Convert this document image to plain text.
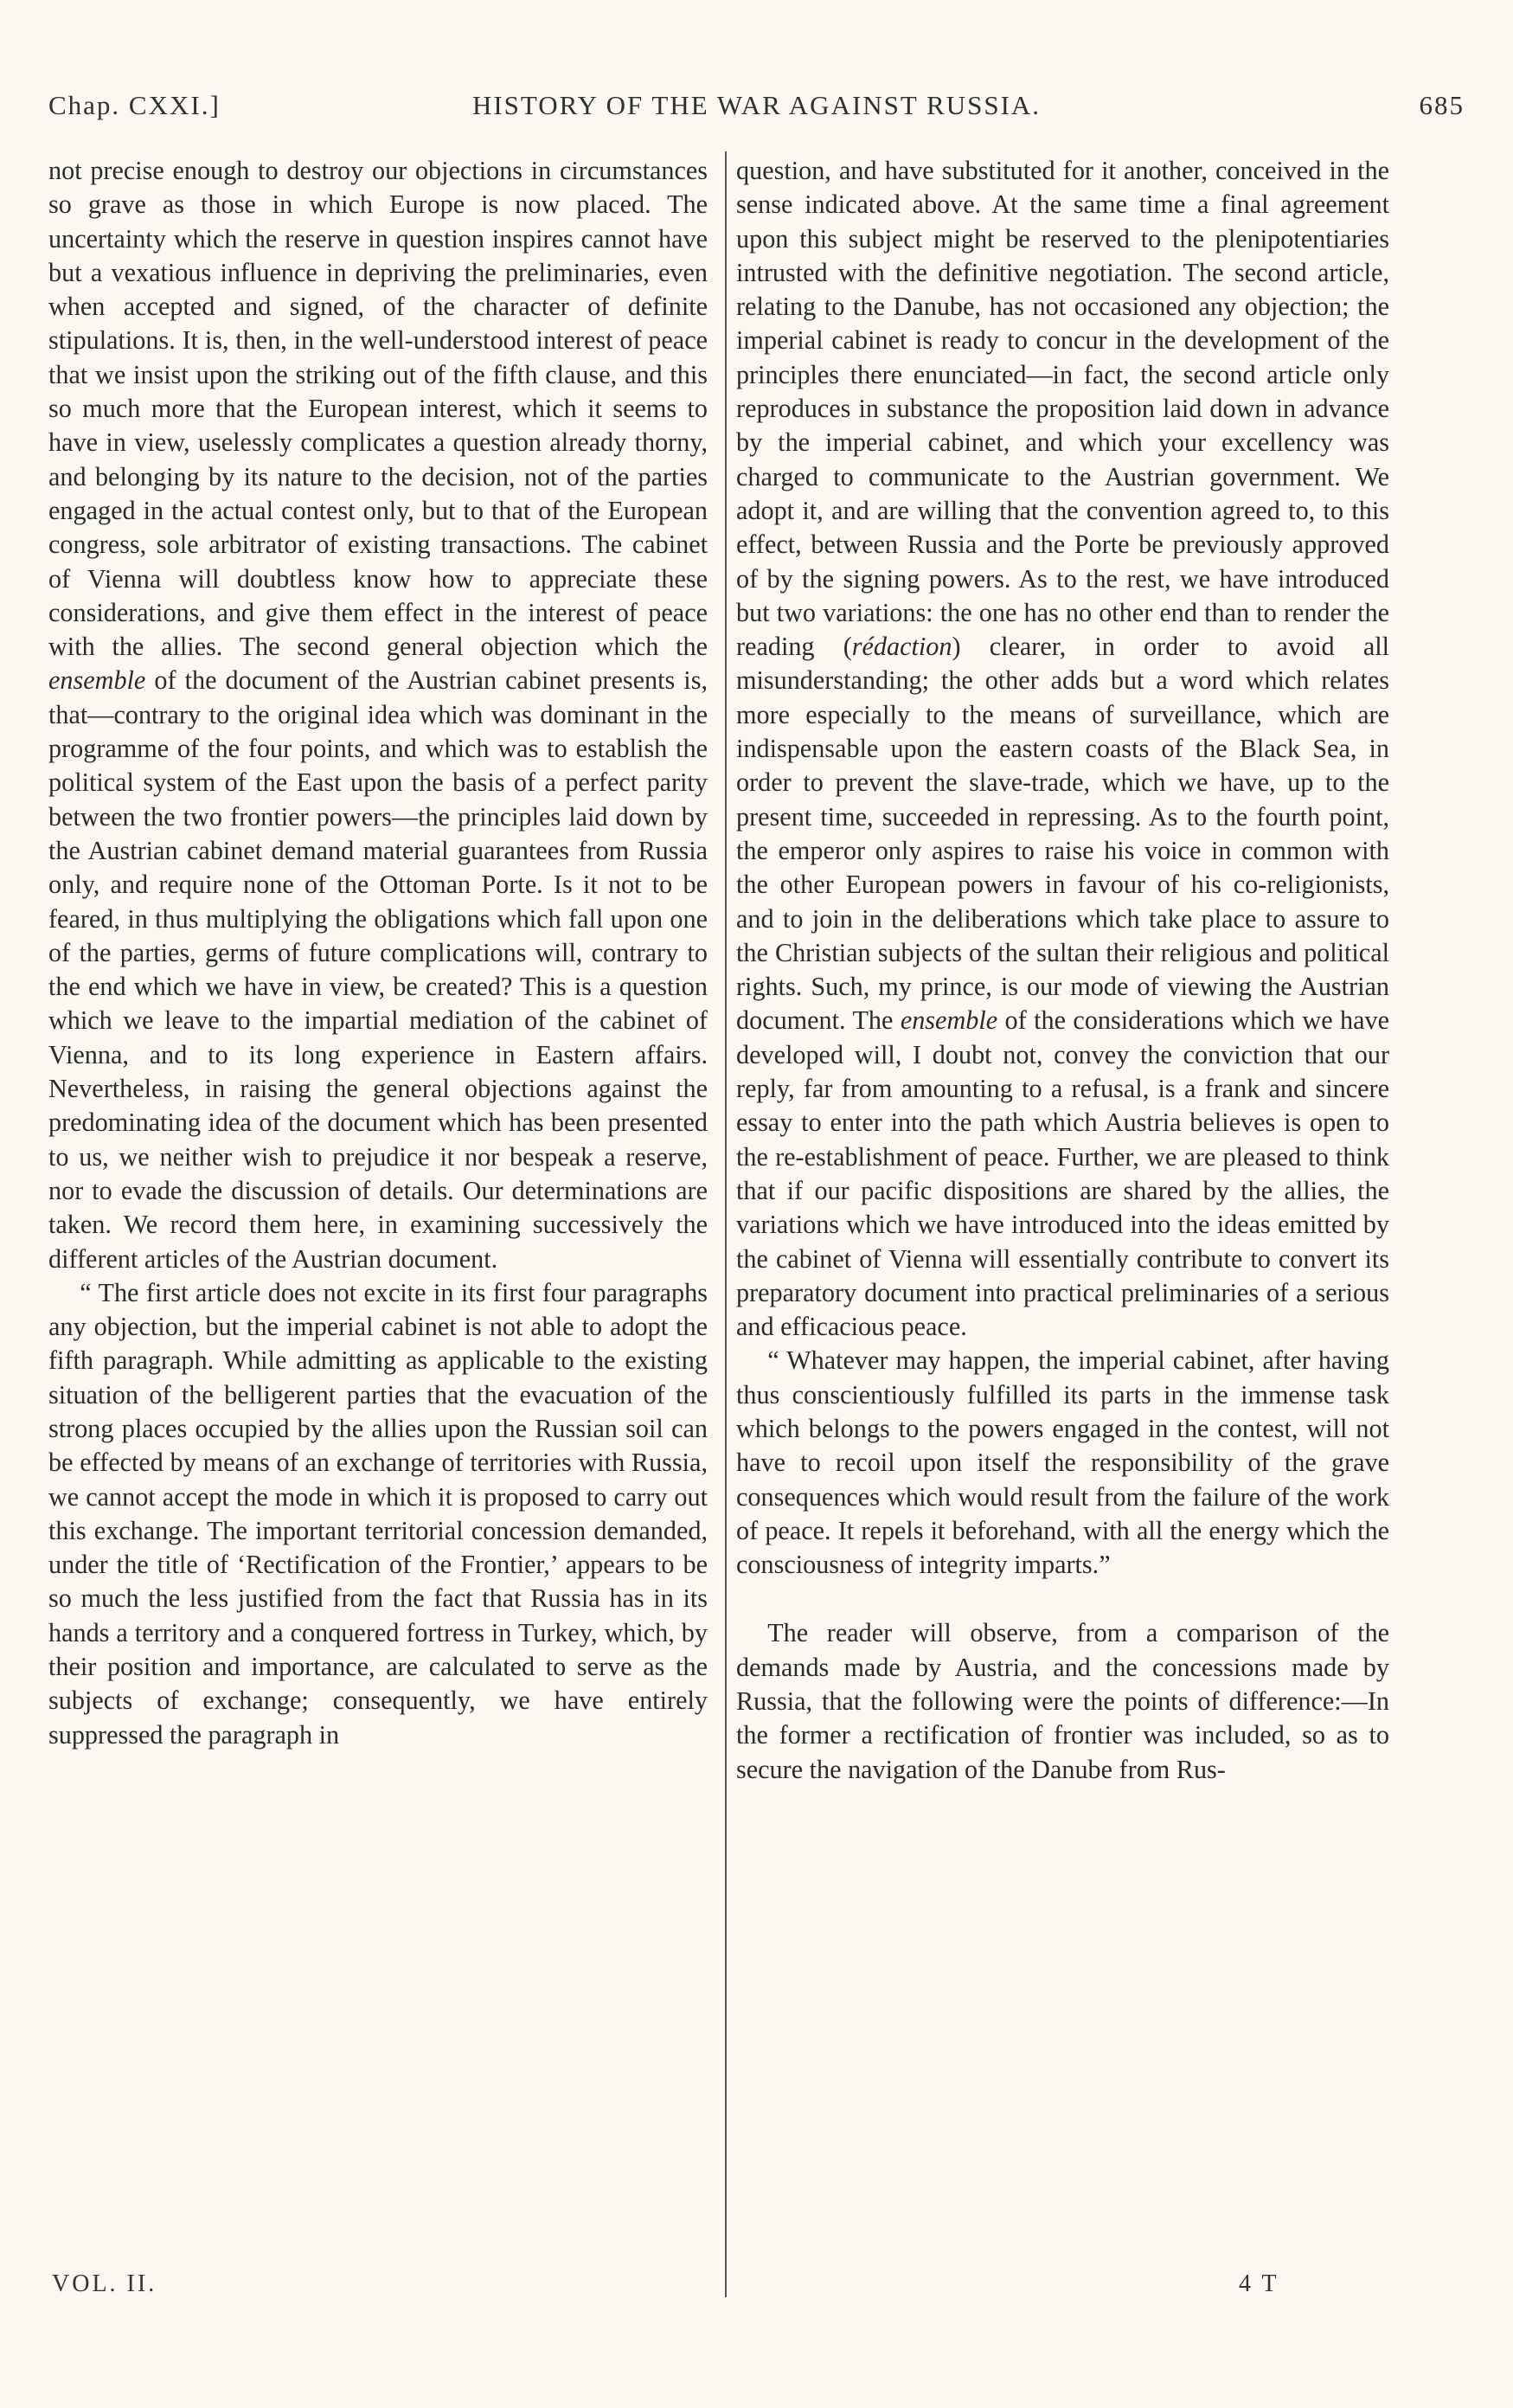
Chap. CXXI.]	HISTORY OF THE WAR AGAINST RUSSIA.	685

not precise enough to destroy our objections in circumstances so grave as those in which Europe is now placed. The uncertainty which the reserve in question inspires cannot have but a vexatious influence in depriving the preliminaries, even when accepted and signed, of the character of definite stipulations. It is, then, in the well-understood interest of peace that we insist upon the striking out of the fifth clause, and this so much more that the European interest, which it seems to have in view, uselessly complicates a question already thorny, and belonging by its nature to the decision, not of the parties engaged in the actual contest only, but to that of the European congress, sole arbitrator of existing transactions. The cabinet of Vienna will doubtless know how to appreciate these considerations, and give them effect in the interest of peace with the allies. The second general objection which the ensemble of the document of the Austrian cabinet presents is, that—contrary to the original idea which was dominant in the programme of the four points, and which was to establish the political system of the East upon the basis of a perfect parity between the two frontier powers—the principles laid down by the Austrian cabinet demand material guarantees from Russia only, and require none of the Ottoman Porte. Is it not to be feared, in thus multiplying the obligations which fall upon one of the parties, germs of future complications will, contrary to the end which we have in view, be created? This is a question which we leave to the impartial mediation of the cabinet of Vienna, and to its long experience in Eastern affairs. Nevertheless, in raising the general objections against the predominating idea of the document which has been presented to us, we neither wish to prejudice it nor bespeak a reserve, nor to evade the discussion of details. Our determinations are taken. We record them here, in examining successively the different articles of the Austrian document.

“ The first article does not excite in its first four paragraphs any objection, but the imperial cabinet is not able to adopt the fifth paragraph. While admitting as applicable to the existing situation of the belligerent parties that the evacuation of the strong places occupied by the allies upon the Russian soil can be effected by means of an exchange of territories with Russia, we cannot accept the mode in which it is proposed to carry out this exchange. The important territorial concession demanded, under the title of ‘Rectification of the Frontier,’ appears to be so much the less justified from the fact that Russia has in its hands a territory and a conquered fortress in Turkey, which, by their position and importance, are calculated to serve as the subjects of exchange; consequently, we have entirely suppressed the paragraph in

question, and have substituted for it another, conceived in the sense indicated above. At the same time a final agreement upon this subject might be reserved to the plenipotentiaries intrusted with the definitive negotiation. The second article, relating to the Danube, has not occasioned any objection; the imperial cabinet is ready to concur in the development of the principles there enunciated—in fact, the second article only reproduces in substance the proposition laid down in advance by the imperial cabinet, and which your excellency was charged to communicate to the Austrian government. We adopt it, and are willing that the convention agreed to, to this effect, between Russia and the Porte be previously approved of by the signing powers. As to the rest, we have introduced but two variations: the one has no other end than to render the reading (rédaction) clearer, in order to avoid all misunderstanding; the other adds but a word which relates more especially to the means of surveillance, which are indispensable upon the eastern coasts of the Black Sea, in order to prevent the slave-trade, which we have, up to the present time, succeeded in repressing. As to the fourth point, the emperor only aspires to raise his voice in common with the other European powers in favour of his co-religionists, and to join in the deliberations which take place to assure to the Christian subjects of the sultan their religious and political rights. Such, my prince, is our mode of viewing the Austrian document. The ensemble of the considerations which we have developed will, I doubt not, convey the conviction that our reply, far from amounting to a refusal, is a frank and sincere essay to enter into the path which Austria believes is open to the re-establishment of peace. Further, we are pleased to think that if our pacific dispositions are shared by the allies, the variations which we have introduced into the ideas emitted by the cabinet of Vienna will essentially contribute to convert its preparatory document into practical preliminaries of a serious and efficacious peace.

“ Whatever may happen, the imperial cabinet, after having thus conscientiously fulfilled its parts in the immense task which belongs to the powers engaged in the contest, will not have to recoil upon itself the responsibility of the grave consequences which would result from the failure of the work of peace. It repels it beforehand, with all the energy which the consciousness of integrity imparts.”

The reader will observe, from a comparison of the demands made by Austria, and the concessions made by Russia, that the following were the points of difference:—In the former a rectification of frontier was included, so as to secure the navigation of the Danube from Rus-

VOL. II.	4 T
